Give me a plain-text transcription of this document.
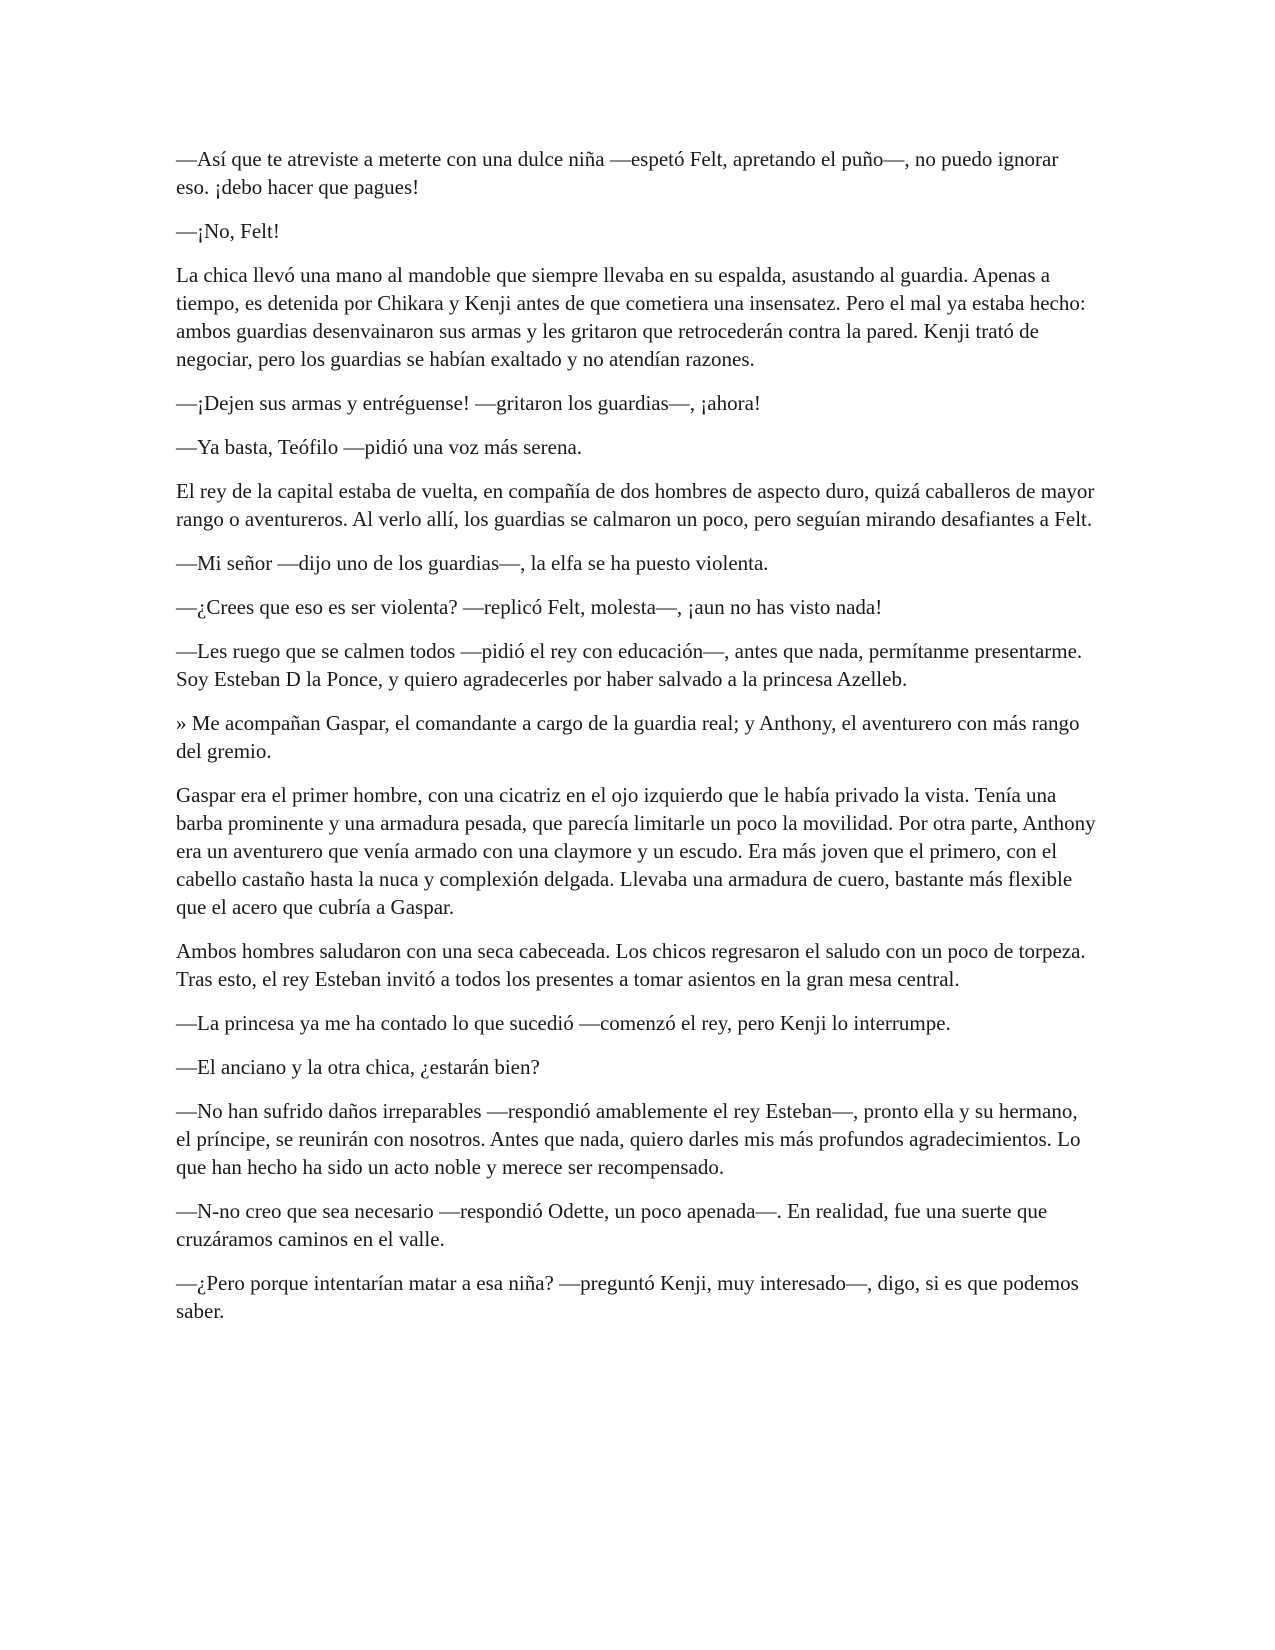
—Así que te atreviste a meterte con una dulce niña —espetó Felt, apretando el puño—, no puedo ignorar eso. ¡debo hacer que pagues!

—¡No, Felt!

La chica llevó una mano al mandoble que siempre llevaba en su espalda, asustando al guardia. Apenas a tiempo, es detenida por Chikara y Kenji antes de que cometiera una insensatez. Pero el mal ya estaba hecho: ambos guardias desenvainaron sus armas y les gritaron que retrocederán contra la pared. Kenji trató de negociar, pero los guardias se habían exaltado y no atendían razones.

—¡Dejen sus armas y entréguense! —gritaron los guardias—, ¡ahora!

—Ya basta, Teófilo —pidió una voz más serena.

El rey de la capital estaba de vuelta, en compañía de dos hombres de aspecto duro, quizá caballeros de mayor rango o aventureros. Al verlo allí, los guardias se calmaron un poco, pero seguían mirando desafiantes a Felt.

—Mi señor —dijo uno de los guardias—, la elfa se ha puesto violenta.

—¿Crees que eso es ser violenta? —replicó Felt, molesta—, ¡aun no has visto nada!

—Les ruego que se calmen todos —pidió el rey con educación—, antes que nada, permítanme presentarme. Soy Esteban D la Ponce, y quiero agradecerles por haber salvado a la princesa Azelleb.

» Me acompañan Gaspar, el comandante a cargo de la guardia real; y Anthony, el aventurero con más rango del gremio.

Gaspar era el primer hombre, con una cicatriz en el ojo izquierdo que le había privado la vista. Tenía una barba prominente y una armadura pesada, que parecía limitarle un poco la movilidad. Por otra parte, Anthony era un aventurero que venía armado con una claymore y un escudo. Era más joven que el primero, con el cabello castaño hasta la nuca y complexión delgada. Llevaba una armadura de cuero, bastante más flexible que el acero que cubría a Gaspar.

Ambos hombres saludaron con una seca cabeceada. Los chicos regresaron el saludo con un poco de torpeza. Tras esto, el rey Esteban invitó a todos los presentes a tomar asientos en la gran mesa central.

—La princesa ya me ha contado lo que sucedió —comenzó el rey, pero Kenji lo interrumpe.

—El anciano y la otra chica, ¿estarán bien?

—No han sufrido daños irreparables —respondió amablemente el rey Esteban—, pronto ella y su hermano, el príncipe, se reunirán con nosotros. Antes que nada, quiero darles mis más profundos agradecimientos. Lo que han hecho ha sido un acto noble y merece ser recompensado.

—N-no creo que sea necesario —respondió Odette, un poco apenada—. En realidad, fue una suerte que cruzáramos caminos en el valle.

—¿Pero porque intentarían matar a esa niña? —preguntó Kenji, muy interesado—, digo, si es que podemos saber.
